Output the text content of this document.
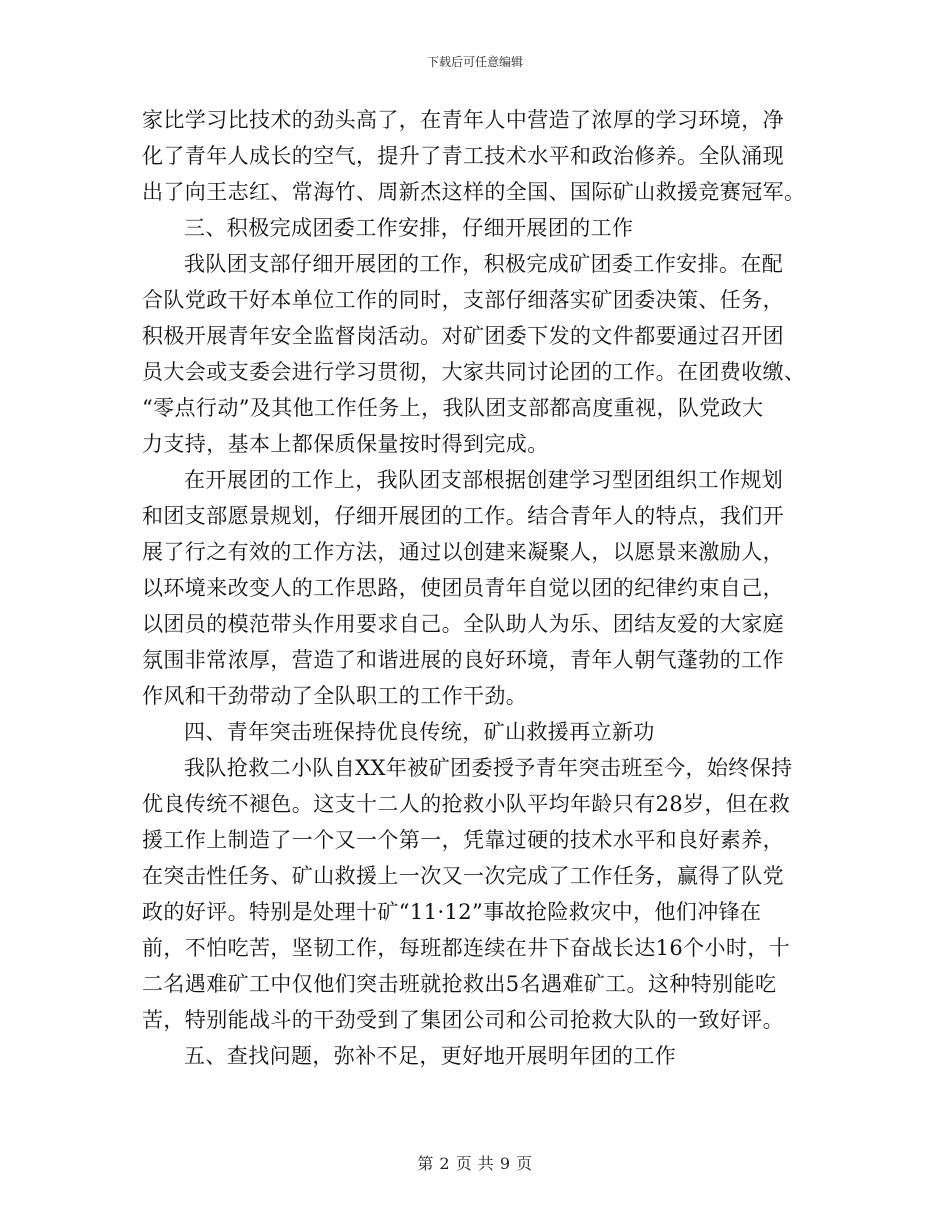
下载后可任意编辑
家比学习比技术的劲头高了，在青年人中营造了浓厚的学习环境，净
化了青年人成长的空气，提升了青工技术水平和政治修养。全队涌现
出了向王志红、常海竹、周新杰这样的全国、国际矿山救援竞赛冠军。
三、积极完成团委工作安排，仔细开展团的工作
我队团支部仔细开展团的工作，积极完成矿团委工作安排。在配
合队党政干好本单位工作的同时，支部仔细落实矿团委决策、任务，
积极开展青年安全监督岗活动。对矿团委下发的文件都要通过召开团
员大会或支委会进行学习贯彻，大家共同讨论团的工作。在团费收缴、
“零点行动”及其他工作任务上，我队团支部都高度重视，队党政大
力支持，基本上都保质保量按时得到完成。
在开展团的工作上，我队团支部根据创建学习型团组织工作规划
和团支部愿景规划，仔细开展团的工作。结合青年人的特点，我们开
展了行之有效的工作方法，通过以创建来凝聚人，以愿景来激励人，
以环境来改变人的工作思路，使团员青年自觉以团的纪律约束自己，
以团员的模范带头作用要求自己。全队助人为乐、团结友爱的大家庭
氛围非常浓厚，营造了和谐进展的良好环境，青年人朝气蓬勃的工作
作风和干劲带动了全队职工的工作干劲。
四、青年突击班保持优良传统，矿山救援再立新功
我队抢救二小队自XX年被矿团委授予青年突击班至今，始终保持
优良传统不褪色。这支十二人的抢救小队平均年龄只有28岁，但在救
援工作上制造了一个又一个第一，凭靠过硬的技术水平和良好素养，
在突击性任务、矿山救援上一次又一次完成了工作任务，赢得了队党
政的好评。特别是处理十矿“11·12”事故抢险救灾中，他们冲锋在
前，不怕吃苦，坚韧工作，每班都连续在井下奋战长达16个小时，十
二名遇难矿工中仅他们突击班就抢救出5名遇难矿工。这种特别能吃
苦，特别能战斗的干劲受到了集团公司和公司抢救大队的一致好评。
五、查找问题，弥补不足，更好地开展明年团的工作
第 2 页 共 9 页
